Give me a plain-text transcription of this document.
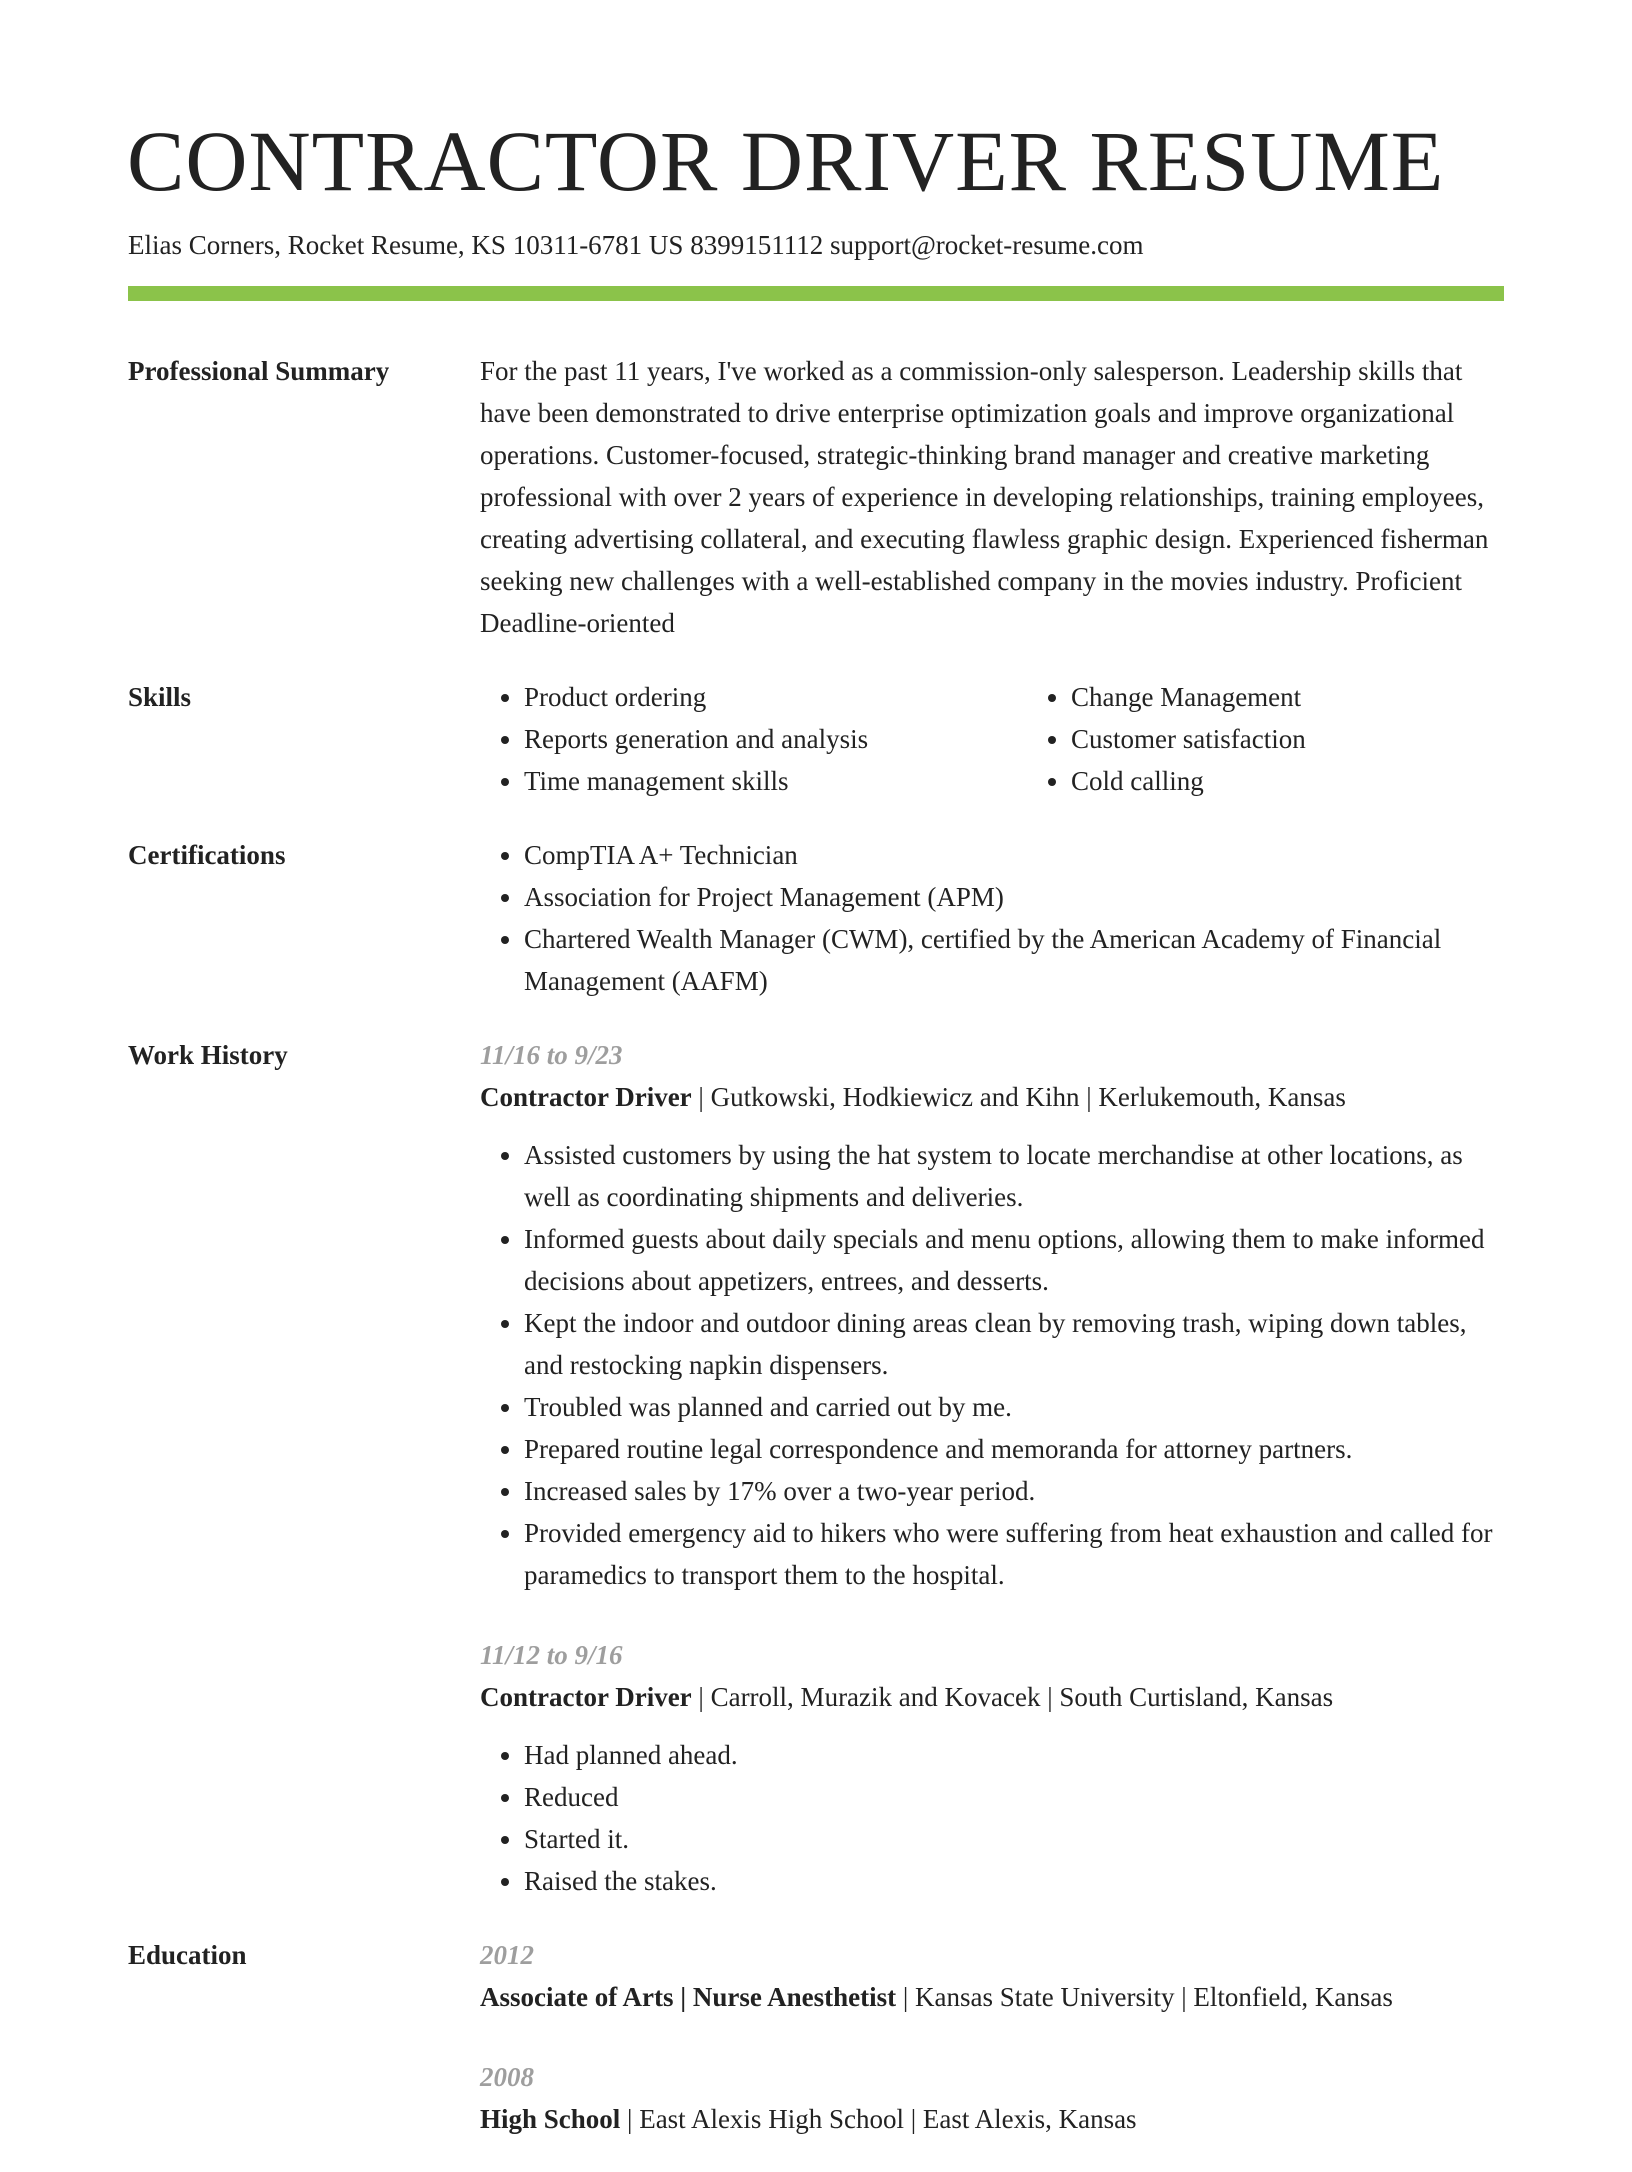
CONTRACTOR DRIVER RESUME
Elias Corners, Rocket Resume, KS 10311-6781 US 8399151112 support@rocket-resume.com
Professional Summary	For the past 11 years, I've worked as a commission-only salesperson. Leadership skills that have been demonstrated to drive enterprise optimization goals and improve organizational operations. Customer-focused, strategic-thinking brand manager and creative marketing professional with over 2 years of experience in developing relationships, training employees, creating advertising collateral, and executing flawless graphic design. Experienced fisherman seeking new challenges with a well-established company in the movies industry. Proficient Deadline-oriented

Skills	• Product ordering
• Reports generation and analysis
• Time management skills
• Change Management
• Customer satisfaction
• Cold calling
Certifications	• CompTIA A+ Technician
• Association for Project Management (APM)
• Chartered Wealth Manager (CWM), certified by the American Academy of Financial Management (AAFM)
Work History	11/16 to 9/23
Contractor Driver | Gutkowski, Hodkiewicz and Kihn | Kerlukemouth, Kansas
• Assisted customers by using the hat system to locate merchandise at other locations, as well as coordinating shipments and deliveries.
• Informed guests about daily specials and menu options, allowing them to make informed decisions about appetizers, entrees, and desserts.
• Kept the indoor and outdoor dining areas clean by removing trash, wiping down tables, and restocking napkin dispensers.
• Troubled was planned and carried out by me.
• Prepared routine legal correspondence and memoranda for attorney partners.
• Increased sales by 17% over a two-year period.
• Provided emergency aid to hikers who were suffering from heat exhaustion and called for paramedics to transport them to the hospital.
11/12 to 9/16
Contractor Driver | Carroll, Murazik and Kovacek | South Curtisland, Kansas
• Had planned ahead.
• Reduced
• Started it.
• Raised the stakes.
Education	2012
Associate of Arts | Nurse Anesthetist | Kansas State University | Eltonfield, Kansas
2008
High School | East Alexis High School | East Alexis, Kansas
